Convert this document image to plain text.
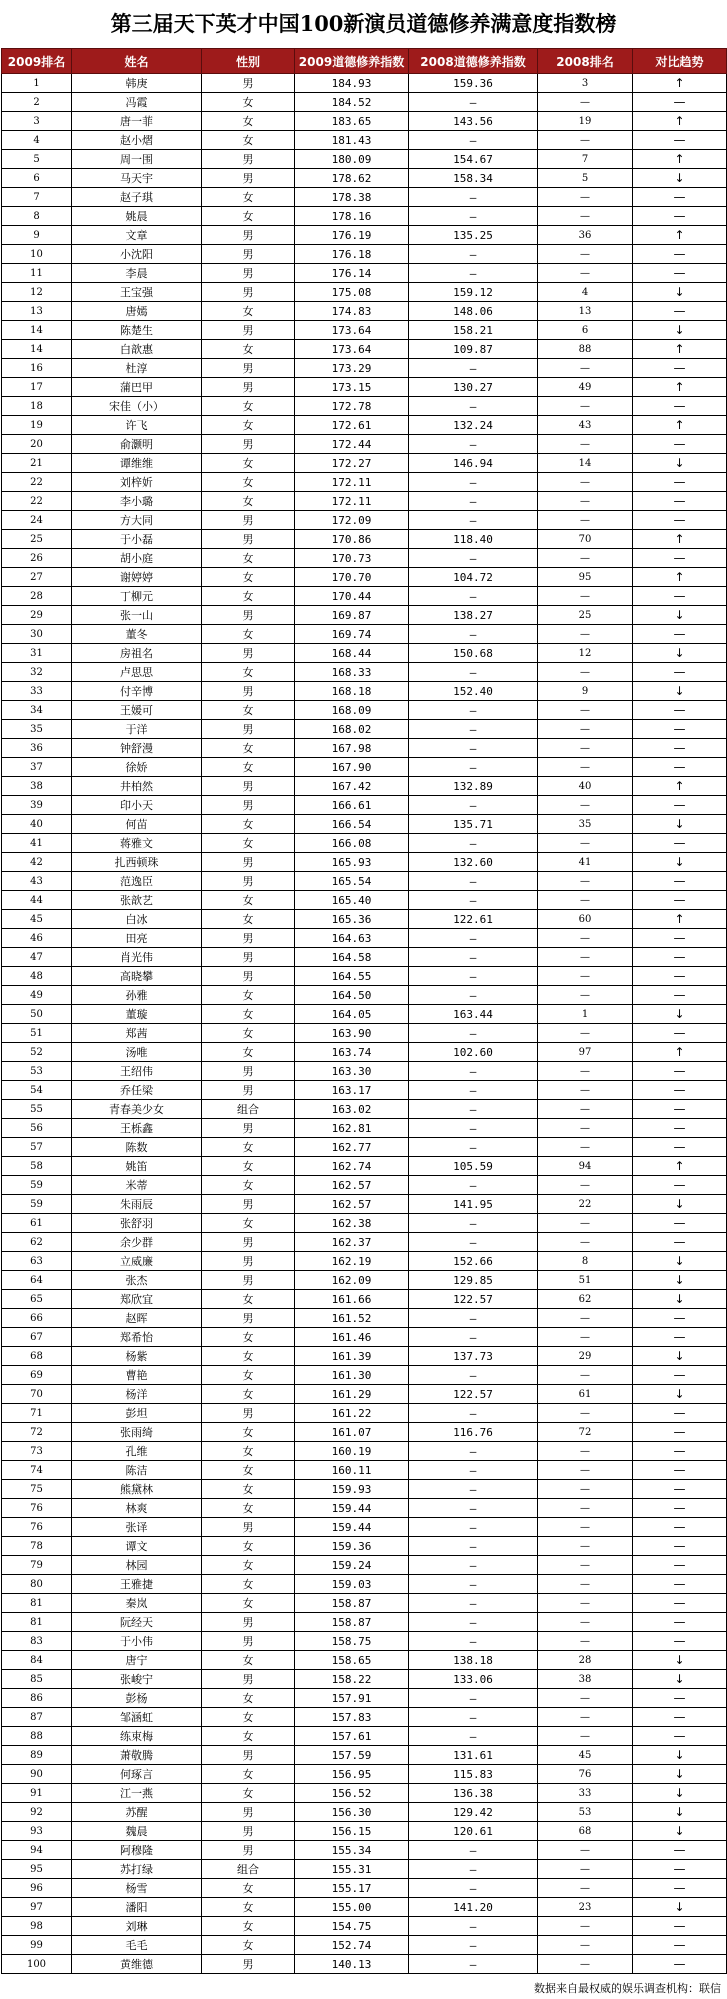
第三届天下英才中国100新演员道德修养满意度指数榜
2009排名	姓名	性别	2009道德修养指数	2008道德修养指数	2008排名	对比趋势
1	韩庚	男	184.93	159.36	3	↑
2	冯霞	女	184.52	—	—	—
3	唐一菲	女	183.65	143.56	19	↑
4	赵小熠	女	181.43	—	—	—
5	周一围	男	180.09	154.67	7	↑
6	马天宇	男	178.62	158.34	5	↓
7	赵子琪	女	178.38	—	—	—
8	姚晨	女	178.16	—	—	—
9	文章	男	176.19	135.25	36	↑
10	小沈阳	男	176.18	—	—	—
11	李晨	男	176.14	—	—	—
12	王宝强	男	175.08	159.12	4	↓
13	唐嫣	女	174.83	148.06	13	—
14	陈楚生	男	173.64	158.21	6	↓
14	白歆惠	女	173.64	109.87	88	↑
16	杜淳	男	173.29	—	—	—
17	蒲巴甲	男	173.15	130.27	49	↑
18	宋佳（小）	女	172.78	—	—	—
19	许飞	女	172.61	132.24	43	↑
20	俞灏明	男	172.44	—	—	—
21	谭维维	女	172.27	146.94	14	↓
22	刘梓妡	女	172.11	—	—	—
22	李小璐	女	172.11	—	—	—
24	方大同	男	172.09	—	—	—
25	于小磊	男	170.86	118.40	70	↑
26	胡小庭	女	170.73	—	—	—
27	谢婷婷	女	170.70	104.72	95	↑
28	丁柳元	女	170.44	—	—	—
29	张一山	男	169.87	138.27	25	↓
30	董冬	女	169.74	—	—	—
31	房祖名	男	168.44	150.68	12	↓
32	卢思思	女	168.33	—	—	—
33	付辛博	男	168.18	152.40	9	↓
34	王媛可	女	168.09	—	—	—
35	于洋	男	168.02	—	—	—
36	钟舒漫	女	167.98	—	—	—
37	徐娇	女	167.90	—	—	—
38	井柏然	男	167.42	132.89	40	↑
39	印小天	男	166.61	—	—	—
40	何苗	女	166.54	135.71	35	↓
41	蒋雅文	女	166.08	—	—	—
42	扎西顿珠	男	165.93	132.60	41	↓
43	范逸臣	男	165.54	—	—	—
44	张歆艺	女	165.40	—	—	—
45	白冰	女	165.36	122.61	60	↑
46	田亮	男	164.63	—	—	—
47	肖光伟	男	164.58	—	—	—
48	高晓攀	男	164.55	—	—	—
49	孙雅	女	164.50	—	—	—
50	董璇	女	164.05	163.44	1	↓
51	郑茜	女	163.90	—	—	—
52	汤唯	女	163.74	102.60	97	↑
53	王绍伟	男	163.30	—	—	—
54	乔任梁	男	163.17	—	—	—
55	青春美少女	组合	163.02	—	—	—
56	王栎鑫	男	162.81	—	—	—
57	陈数	女	162.77	—	—	—
58	姚笛	女	162.74	105.59	94	↑
59	米蒂	女	162.57	—	—	—
59	朱雨辰	男	162.57	141.95	22	↓
61	张舒羽	女	162.38	—	—	—
62	余少群	男	162.37	—	—	—
63	立威廉	男	162.19	152.66	8	↓
64	张杰	男	162.09	129.85	51	↓
65	郑欣宜	女	161.66	122.57	62	↓
66	赵晖	男	161.52	—	—	—
67	郑希怡	女	161.46	—	—	—
68	杨紫	女	161.39	137.73	29	↓
69	曹艳	女	161.30	—	—	—
70	杨洋	女	161.29	122.57	61	↓
71	彭坦	男	161.22	—	—	—
72	张雨绮	女	161.07	116.76	72	—
73	孔维	女	160.19	—	—	—
74	陈洁	女	160.11	—	—	—
75	熊黛林	女	159.93	—	—	—
76	林爽	女	159.44	—	—	—
76	张译	男	159.44	—	—	—
78	谭文	女	159.36	—	—	—
79	林园	女	159.24	—	—	—
80	王雅捷	女	159.03	—	—	—
81	秦岚	女	158.87	—	—	—
81	阮经天	男	158.87	—	—	—
83	于小伟	男	158.75	—	—	—
84	唐宁	女	158.65	138.18	28	↓
85	张峻宁	男	158.22	133.06	38	↓
86	彭杨	女	157.91	—	—	—
87	邹涵虹	女	157.83	—	—	—
88	练束梅	女	157.61	—	—	—
89	萧敬腾	男	157.59	131.61	45	↓
90	何琢言	女	156.95	115.83	76	↓
91	江一燕	女	156.52	136.38	33	↓
92	苏醒	男	156.30	129.42	53	↓
93	魏晨	男	156.15	120.61	68	↓
94	阿穆隆	男	155.34	—	—	—
95	苏打绿	组合	155.31	—	—	—
96	杨雪	女	155.17	—	—	—
97	潘阳	女	155.00	141.20	23	↓
98	刘琳	女	154.75	—	—	—
99	毛毛	女	152.74	—	—	—
100	黄维德	男	140.13	—	—	—
数据来自最权威的娱乐调查机构：联信
